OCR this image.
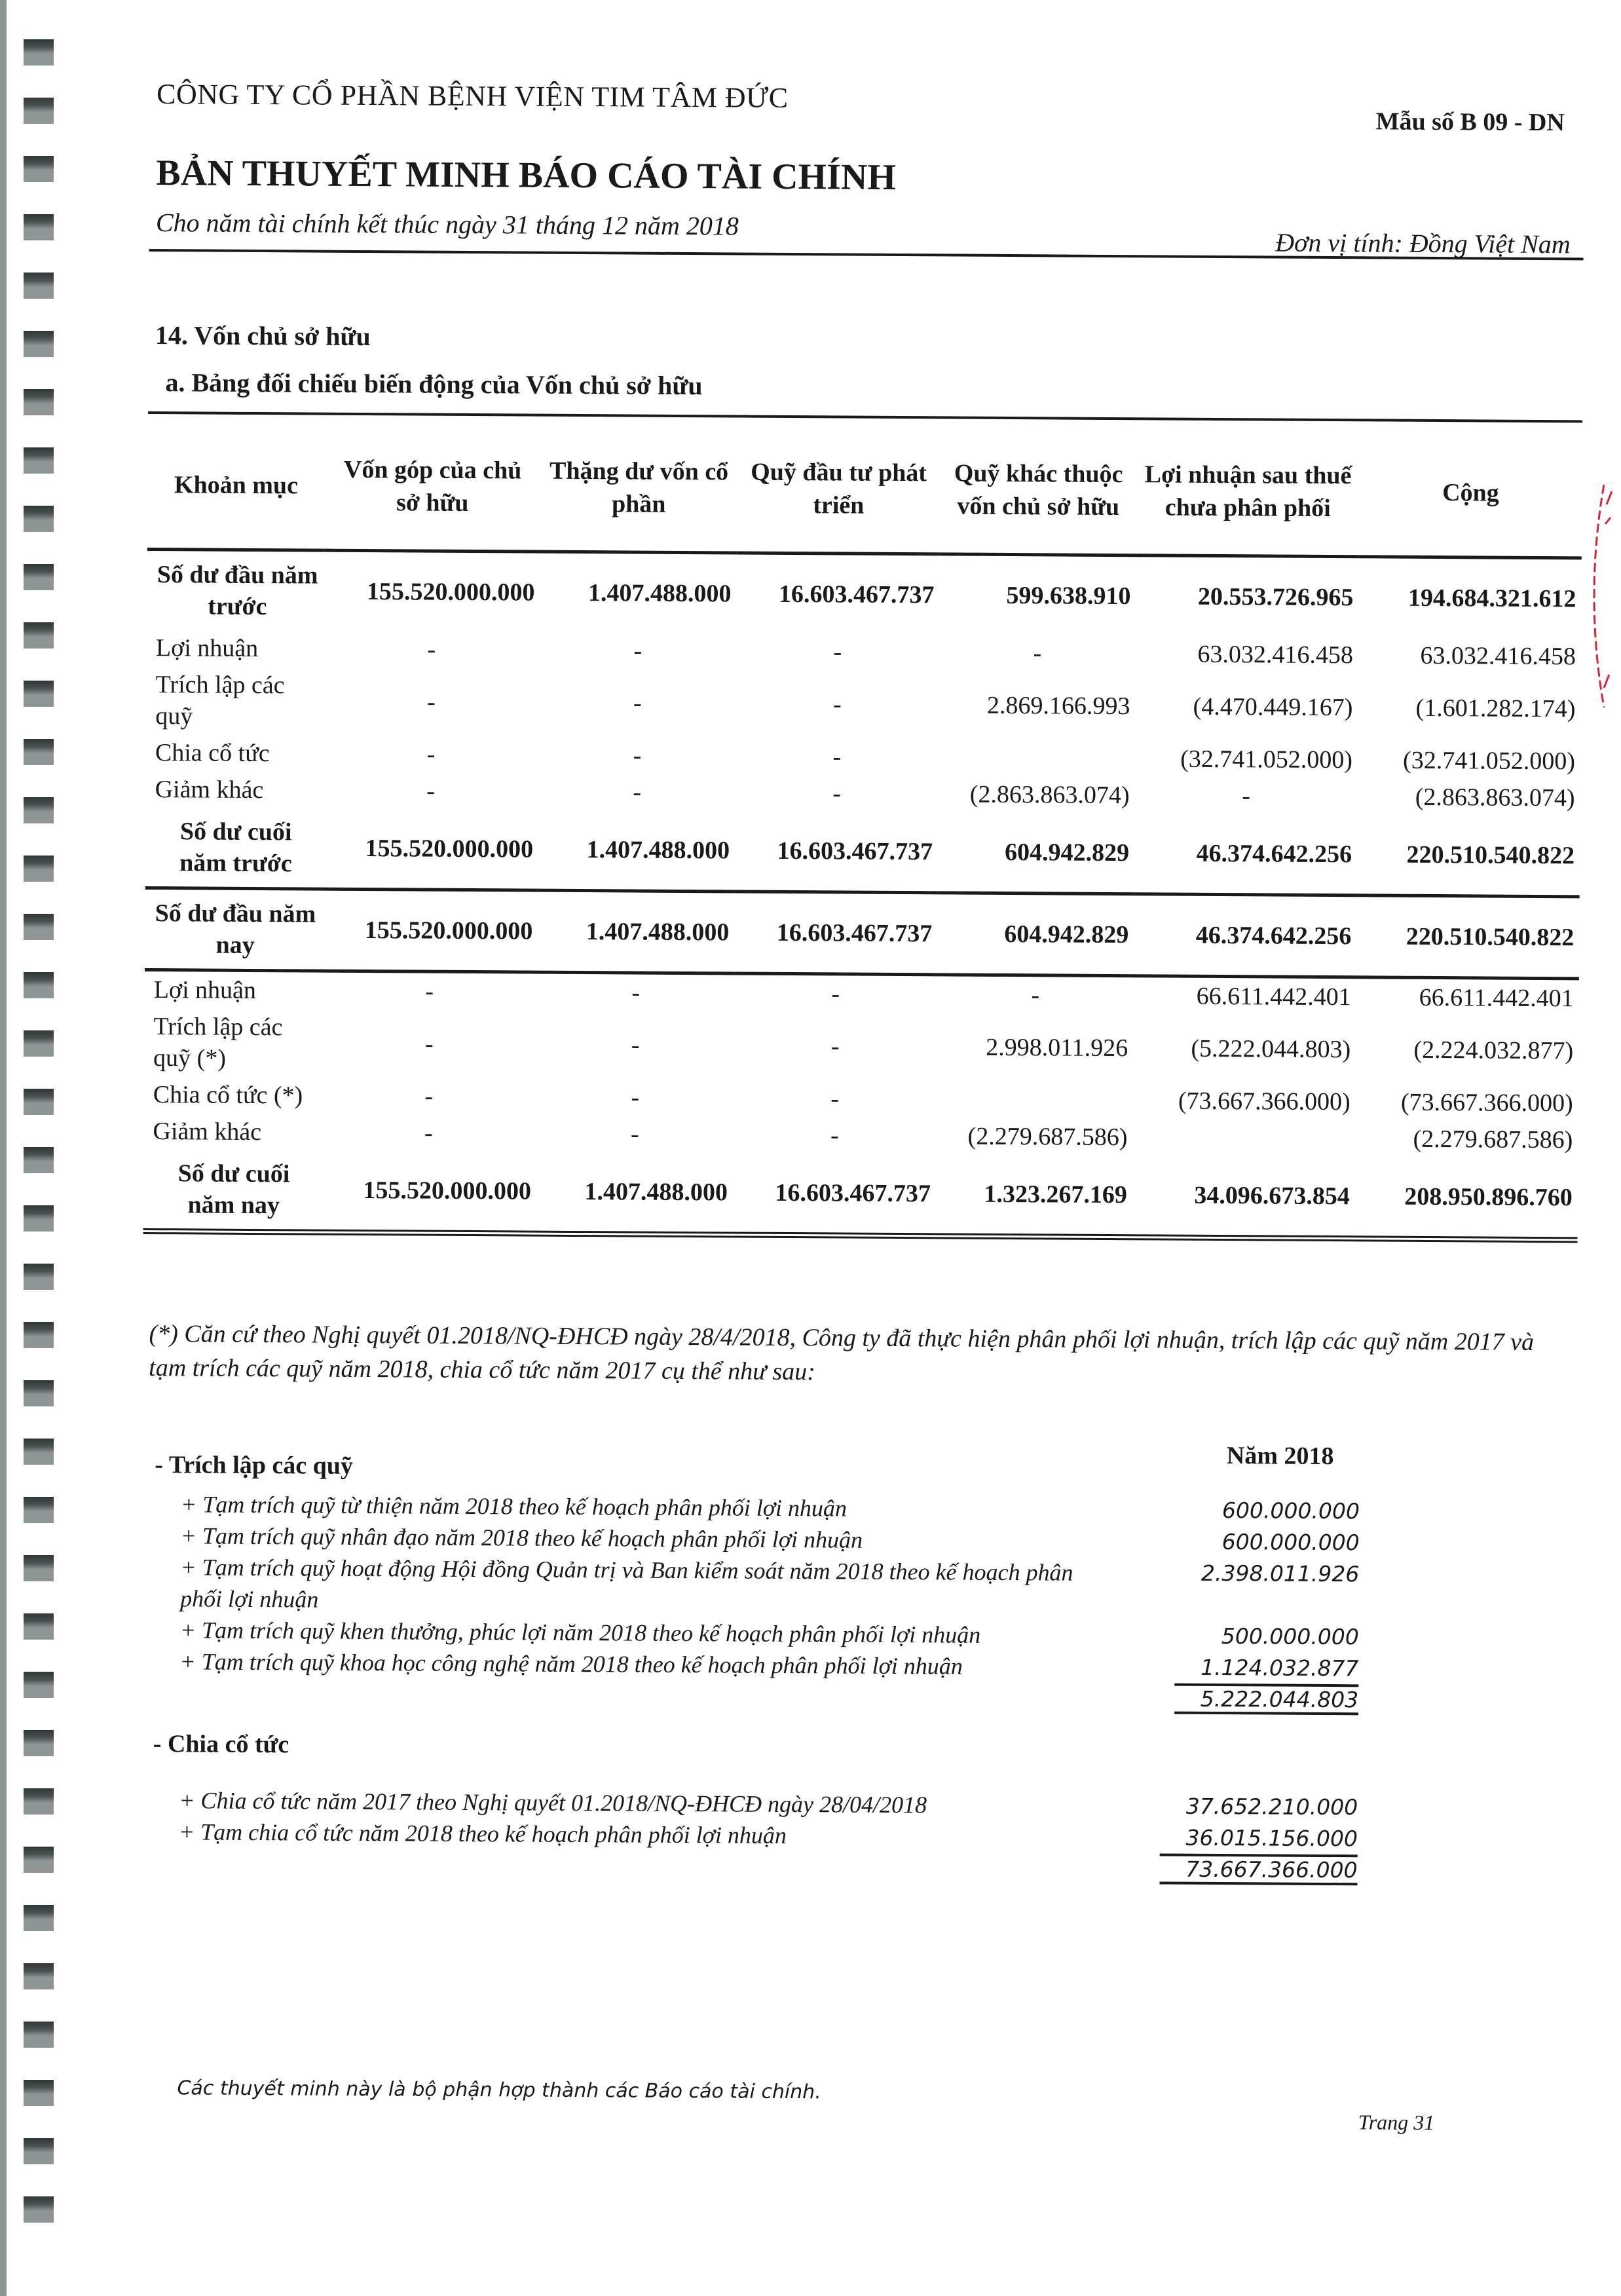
CÔNG TY CỔ PHẦN BỆNH VIỆN TIM TÂM ĐỨC
Mẫu số B 09 - DN
BẢN THUYẾT MINH BÁO CÁO TÀI CHÍNH
Cho năm tài chính kết thúc ngày 31 tháng 12 năm 2018
Đơn vị tính: Đồng Việt Nam
14. Vốn chủ sở hữu
a. Bảng đối chiếu biến động của Vốn chủ sở hữu
Khoản mục	Vốn góp của chủ sở hữu	Thặng dư vốn cổ phần	Quỹ đầu tư phát triển	Quỹ khác thuộc vốn chủ sở hữu	Lợi nhuận sau thuế chưa phân phối	Cộng
Số dư đầu năm trước	155.520.000.000	1.407.488.000	16.603.467.737	599.638.910	20.553.726.965	194.684.321.612
Lợi nhuận	-	-	-	-	63.032.416.458	63.032.416.458
Trích lập các quỹ	-	-	-	2.869.166.993	(4.470.449.167)	(1.601.282.174)
Chia cổ tức	-	-	-		(32.741.052.000)	(32.741.052.000)
Giảm khác	-	-	-	(2.863.863.074)	-	(2.863.863.074)
Số dư cuối năm trước	155.520.000.000	1.407.488.000	16.603.467.737	604.942.829	46.374.642.256	220.510.540.822
Số dư đầu năm nay	155.520.000.000	1.407.488.000	16.603.467.737	604.942.829	46.374.642.256	220.510.540.822
Lợi nhuận	-	-	-	-	66.611.442.401	66.611.442.401
Trích lập các quỹ (*)	-	-	-	2.998.011.926	(5.222.044.803)	(2.224.032.877)
Chia cổ tức (*)	-	-	-		(73.667.366.000)	(73.667.366.000)
Giảm khác	-	-	-	(2.279.687.586)		(2.279.687.586)
Số dư cuối năm nay	155.520.000.000	1.407.488.000	16.603.467.737	1.323.267.169	34.096.673.854	208.950.896.760
(*) Căn cứ theo Nghị quyết 01.2018/NQ-ĐHCĐ ngày 28/4/2018, Công ty đã thực hiện phân phối lợi nhuận, trích lập các quỹ năm 2017 và tạm trích các quỹ năm 2018, chia cổ tức năm 2017 cụ thể như sau:
Năm 2018
- Trích lập các quỹ
+ Tạm trích quỹ từ thiện năm 2018 theo kế hoạch phân phối lợi nhuận	600.000.000
+ Tạm trích quỹ nhân đạo năm 2018 theo kế hoạch phân phối lợi nhuận	600.000.000
+ Tạm trích quỹ hoạt động Hội đồng Quản trị và Ban kiểm soát năm 2018 theo kế hoạch phân phối lợi nhuận
2.398.011.926
+ Tạm trích quỹ khen thưởng, phúc lợi năm 2018 theo kế hoạch phân phối lợi nhuận	500.000.000
+ Tạm trích quỹ khoa học công nghệ năm 2018 theo kế hoạch phân phối lợi nhuận	1.124.032.877
5.222.044.803
- Chia cổ tức
+ Chia cổ tức năm 2017 theo Nghị quyết 01.2018/NQ-ĐHCĐ ngày 28/04/2018	37.652.210.000
+ Tạm chia cổ tức năm 2018 theo kế hoạch phân phối lợi nhuận	36.015.156.000
73.667.366.000
Các thuyết minh này là bộ phận hợp thành các Báo cáo tài chính.
Trang 31
